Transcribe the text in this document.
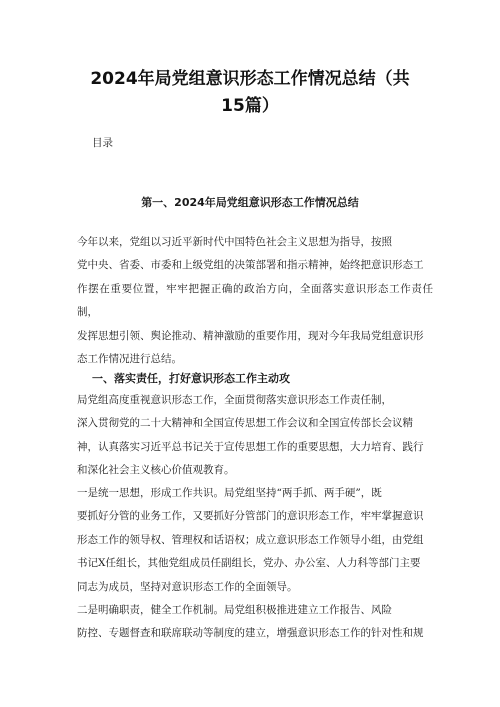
2024年局党组意识形态工作情况总结（共
15篇）
目录
第一、2024年局党组意识形态工作情况总结

今年以来，党组以习近平新时代中国特色社会主义思想为指导，按照
党中央、省委、市委和上级党组的决策部署和指示精神，始终把意识形态工
作摆在重要位置，牢牢把握正确的政治方向，全面落实意识形态工作责任制，
发挥思想引领、舆论推动、精神激励的重要作用，现对今年我局党组意识形
态工作情况进行总结。

一、落实责任，打好意识形态工作主动攻

局党组高度重视意识形态工作，全面贯彻落实意识形态工作责任制，
深入贯彻党的二十大精神和全国宣传思想工作会议和全国宣传部长会议精
神，认真落实习近平总书记关于宣传思想工作的重要思想，大力培育、践行
和深化社会主义核心价值观教育。

一是统一思想，形成工作共识。局党组坚持“两手抓、两手硬”，既
要抓好分管的业务工作，又要抓好分管部门的意识形态工作，牢牢掌握意识
形态工作的领导权、管理权和话语权；成立意识形态工作领导小组，由党组
书记X任组长，其他党组成员任副组长，党办、办公室、人力科等部门主要
同志为成员，坚持对意识形态工作的全面领导。

二是明确职责，健全工作机制。局党组积极推进建立工作报告、风险
防控、专题督查和联席联动等制度的建立，增强意识形态工作的针对性和规
